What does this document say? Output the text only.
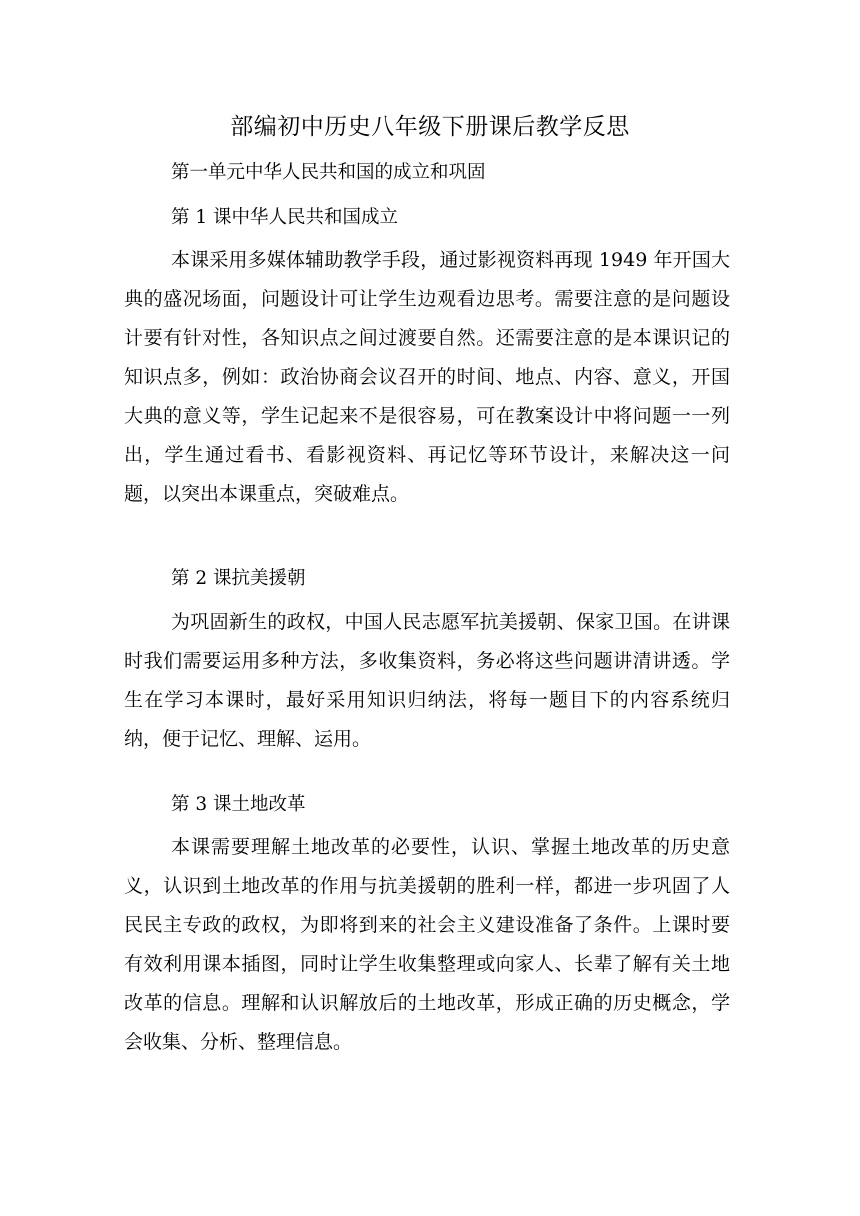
部编初中历史八年级下册课后教学反思
第一单元中华人民共和国的成立和巩固
第 1 课中华人民共和国成立
本课采用多媒体辅助教学手段，通过影视资料再现 1949 年开国大典的盛况场面，问题设计可让学生边观看边思考。需要注意的是问题设计要有针对性，各知识点之间过渡要自然。还需要注意的是本课识记的知识点多，例如：政治协商会议召开的时间、地点、内容、意义，开国大典的意义等，学生记起来不是很容易，可在教案设计中将问题一一列出，学生通过看书、看影视资料、再记忆等环节设计，来解决这一问题，以突出本课重点，突破难点。
第 2 课抗美援朝
为巩固新生的政权，中国人民志愿军抗美援朝、保家卫国。在讲课时我们需要运用多种方法，多收集资料，务必将这些问题讲清讲透。学生在学习本课时，最好采用知识归纳法，将每一题目下的内容系统归纳，便于记忆、理解、运用。
第 3 课土地改革
本课需要理解土地改革的必要性，认识、掌握土地改革的历史意义，认识到土地改革的作用与抗美援朝的胜利一样，都进一步巩固了人民民主专政的政权，为即将到来的社会主义建设准备了条件。上课时要有效利用课本插图，同时让学生收集整理或向家人、长辈了解有关土地改革的信息。理解和认识解放后的土地改革，形成正确的历史概念，学会收集、分析、整理信息。
